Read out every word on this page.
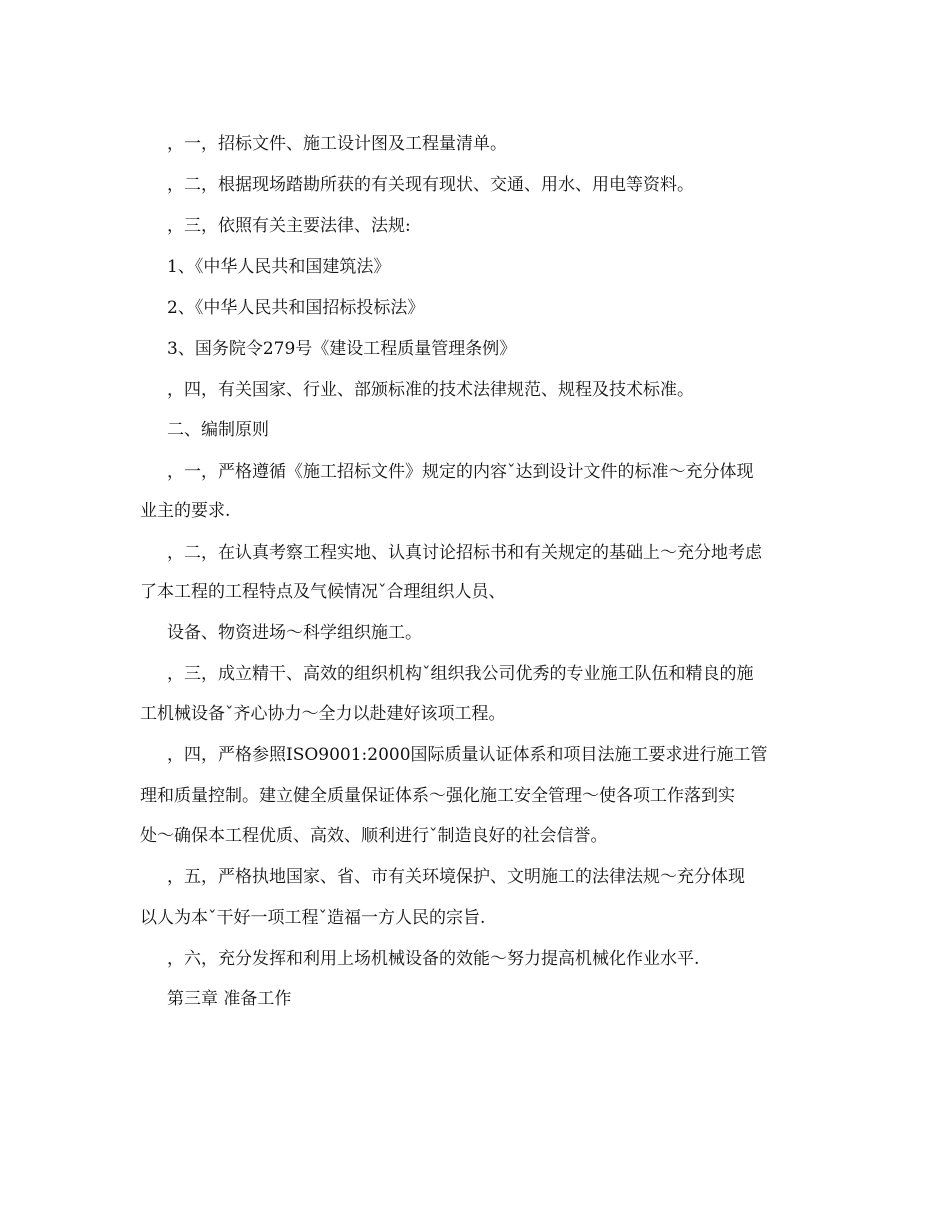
，一，招标文件、施工设计图及工程量清单。
，二，根据现场踏勘所获的有关现有现状、交通、用水、用电等资料。
，三，依照有关主要法律、法规:
1、《中华人民共和国建筑法》
2、《中华人民共和国招标投标法》
3、国务院令279号《建设工程质量管理条例》
，四，有关国家、行业、部颁标准的技术法律规范、规程及技术标准。
二、编制原则
，一，严格遵循《施工招标文件》规定的内容ˇ达到设计文件的标准～充分体现
业主的要求.
，二，在认真考察工程实地、认真讨论招标书和有关规定的基础上～充分地考虑
了本工程的工程特点及气候情况ˇ合理组织人员、
设备、物资进场～科学组织施工。
，三，成立精干、高效的组织机构ˇ组织我公司优秀的专业施工队伍和精良的施
工机械设备ˇ齐心协力～全力以赴建好该项工程。
，四，严格参照ISO9001:2000国际质量认证体系和项目法施工要求进行施工管
理和质量控制。建立健全质量保证体系～强化施工安全管理～使各项工作落到实
处～确保本工程优质、高效、顺利进行ˇ制造良好的社会信誉。
，五，严格执地国家、省、市有关环境保护、文明施工的法律法规～充分体现
以人为本ˇ干好一项工程ˇ造福一方人民的宗旨.
，六，充分发挥和利用上场机械设备的效能～努力提高机械化作业水平.
第三章 准备工作
